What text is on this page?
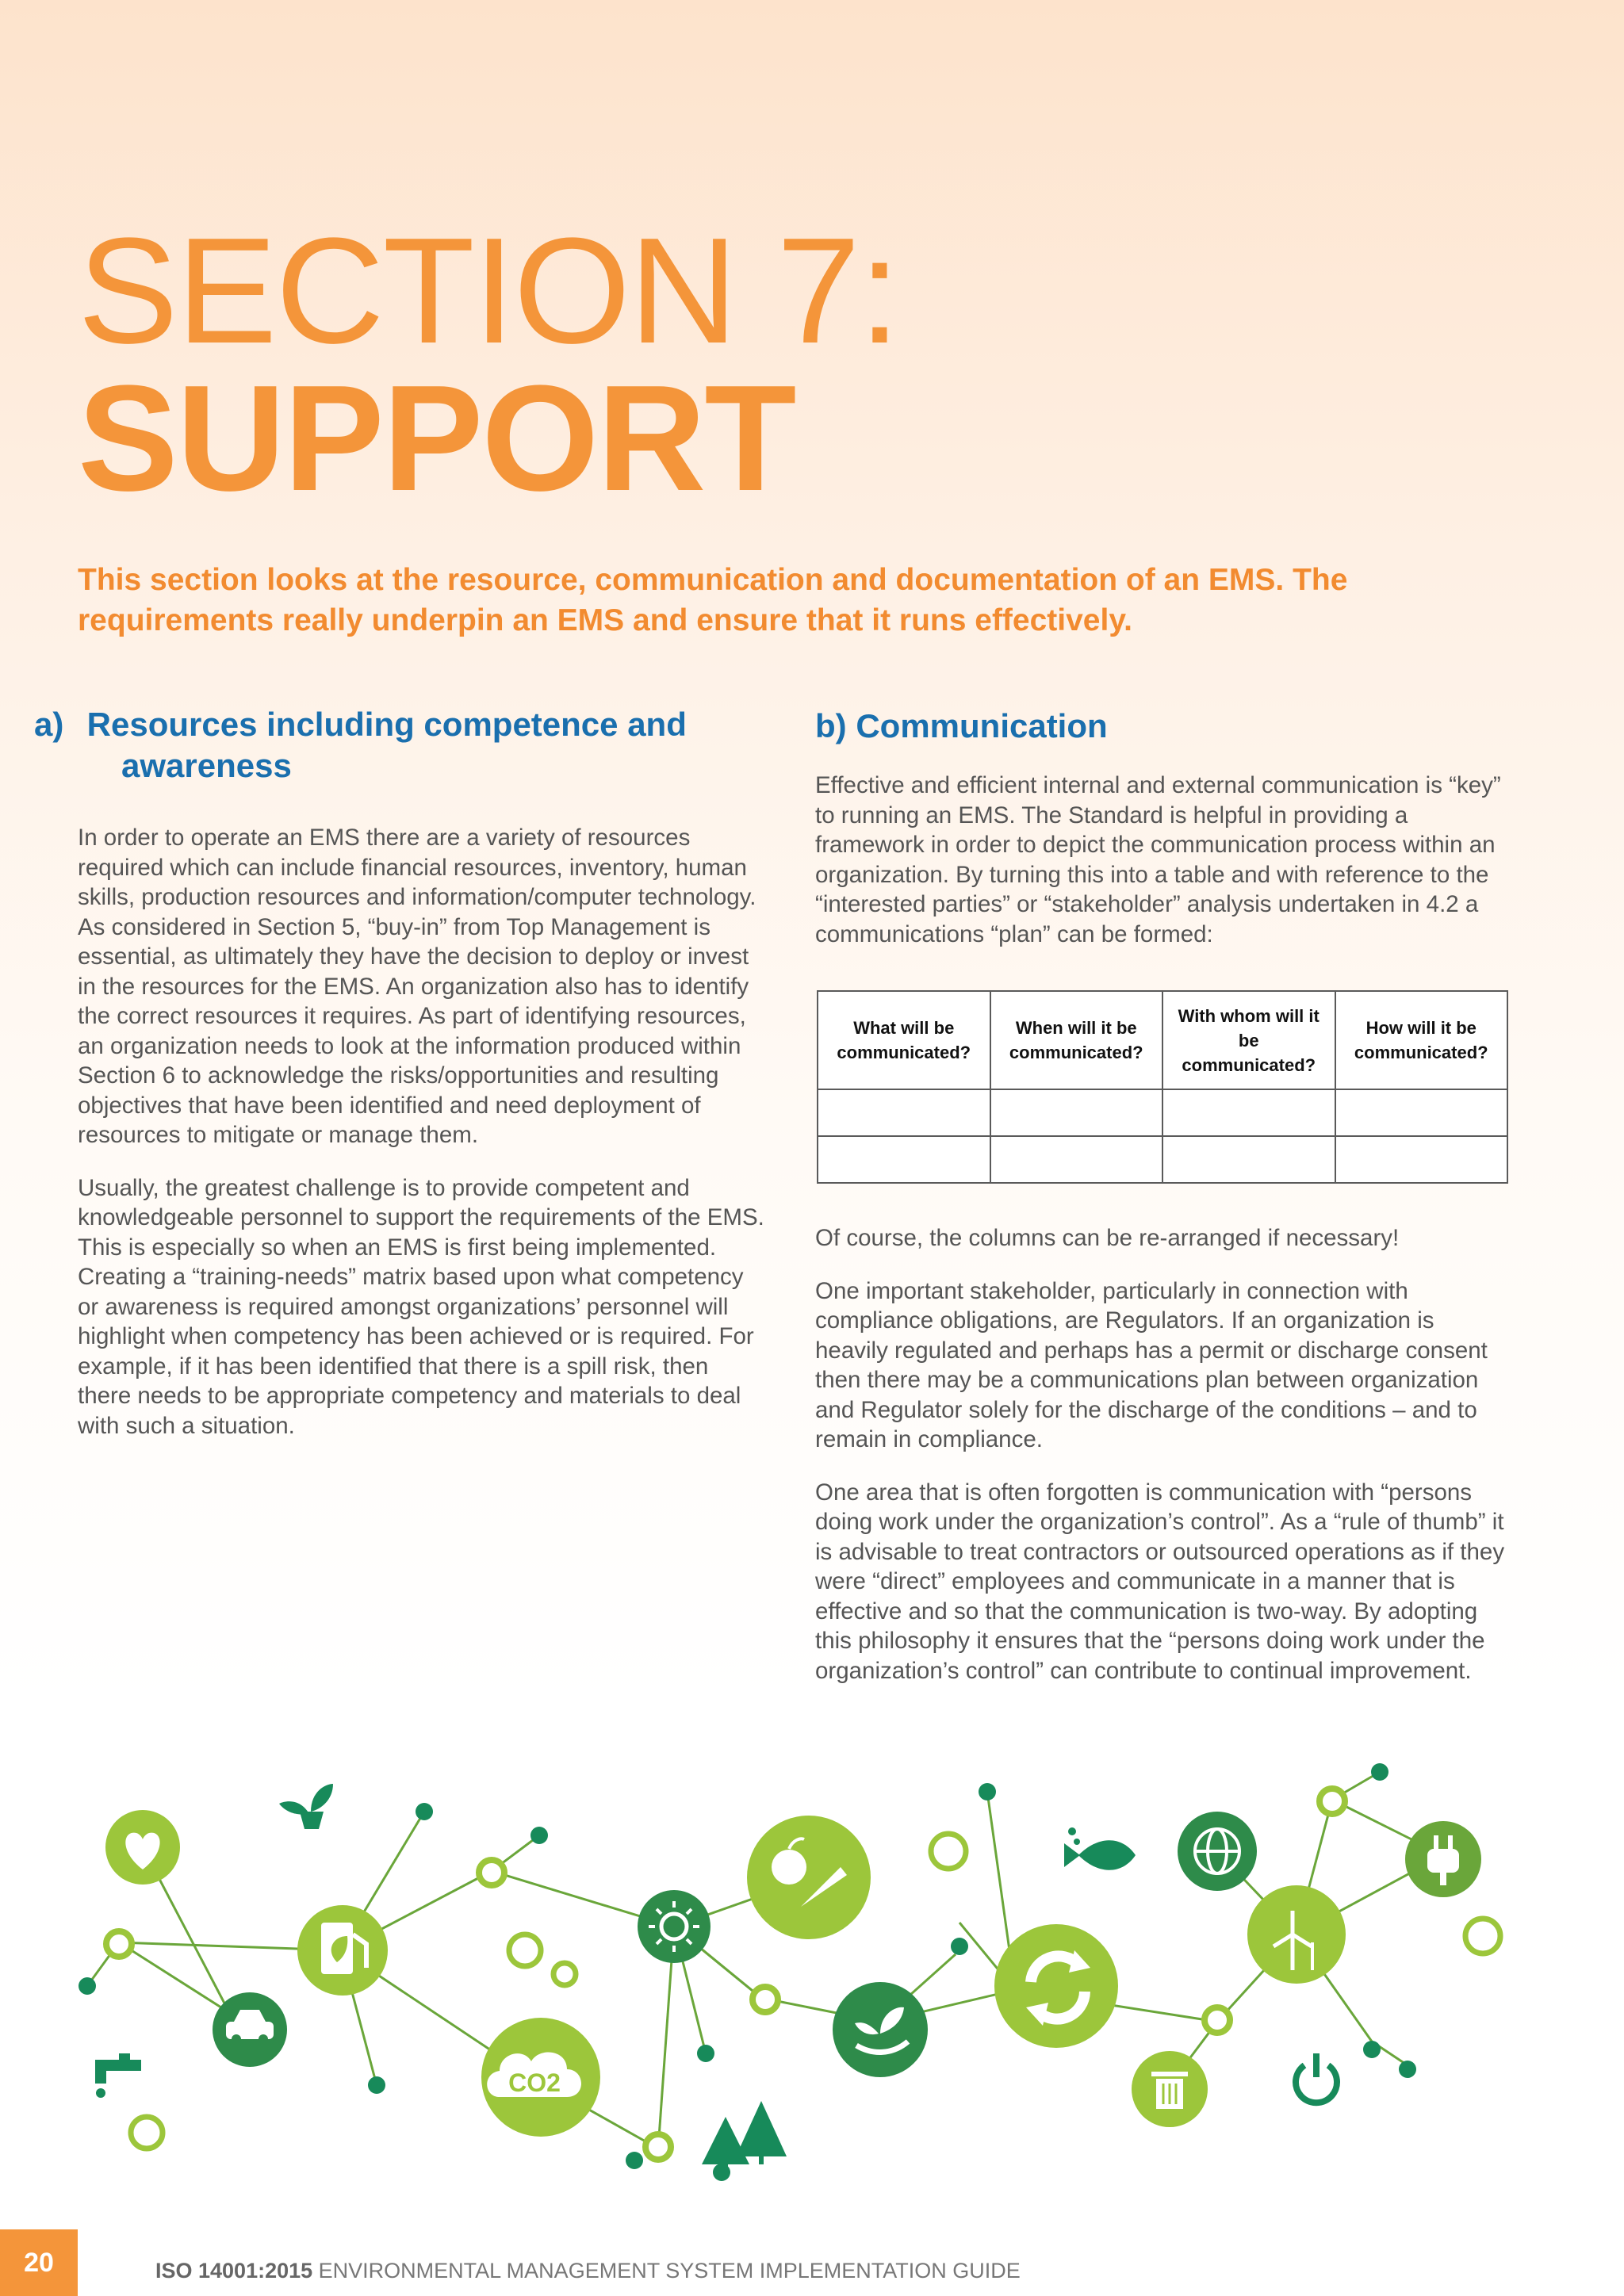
SECTION 7:
SUPPORT

This section looks at the resource, communication and documentation of an EMS. The requirements really underpin an EMS and ensure that it runs effectively.

a) Resources including competence and awareness

In order to operate an EMS there are a variety of resources required which can include financial resources, inventory, human skills, production resources and information/computer technology. As considered in Section 5, “buy-in” from Top Management is essential, as ultimately they have the decision to deploy or invest in the resources for the EMS. An organization also has to identify the correct resources it requires. As part of identifying resources, an organization needs to look at the information produced within Section 6 to acknowledge the risks/opportunities and resulting objectives that have been identified and need deployment of resources to mitigate or manage them.

Usually, the greatest challenge is to provide competent and knowledgeable personnel to support the requirements of the EMS. This is especially so when an EMS is first being implemented. Creating a “training-needs” matrix based upon what competency or awareness is required amongst organizations’ personnel will highlight when competency has been achieved or is required. For example, if it has been identified that there is a spill risk, then there needs to be appropriate competency and materials to deal with such a situation.

b) Communication

Effective and efficient internal and external communication is “key” to running an EMS. The Standard is helpful in providing a framework in order to depict the communication process within an organization. By turning this into a table and with reference to the “interested parties” or “stakeholder” analysis undertaken in 4.2 a communications “plan” can be formed:

What will be communicated?	When will it be communicated?	With whom will it be communicated?	How will it be communicated?

Of course, the columns can be re-arranged if necessary!

One important stakeholder, particularly in connection with compliance obligations, are Regulators. If an organization is heavily regulated and perhaps has a permit or discharge consent then there may be a communications plan between organization and Regulator solely for the discharge of the conditions – and to remain in compliance.

One area that is often forgotten is communication with “persons doing work under the organization’s control”. As a “rule of thumb” it is advisable to treat contractors or outsourced operations as if they were “direct” employees and communicate in a manner that is effective and so that the communication is two-way. By adopting this philosophy it ensures that the “persons doing work under the organization’s control” can contribute to continual improvement.

CO2
20	ISO 14001:2015 ENVIRONMENTAL MANAGEMENT SYSTEM IMPLEMENTATION GUIDE
